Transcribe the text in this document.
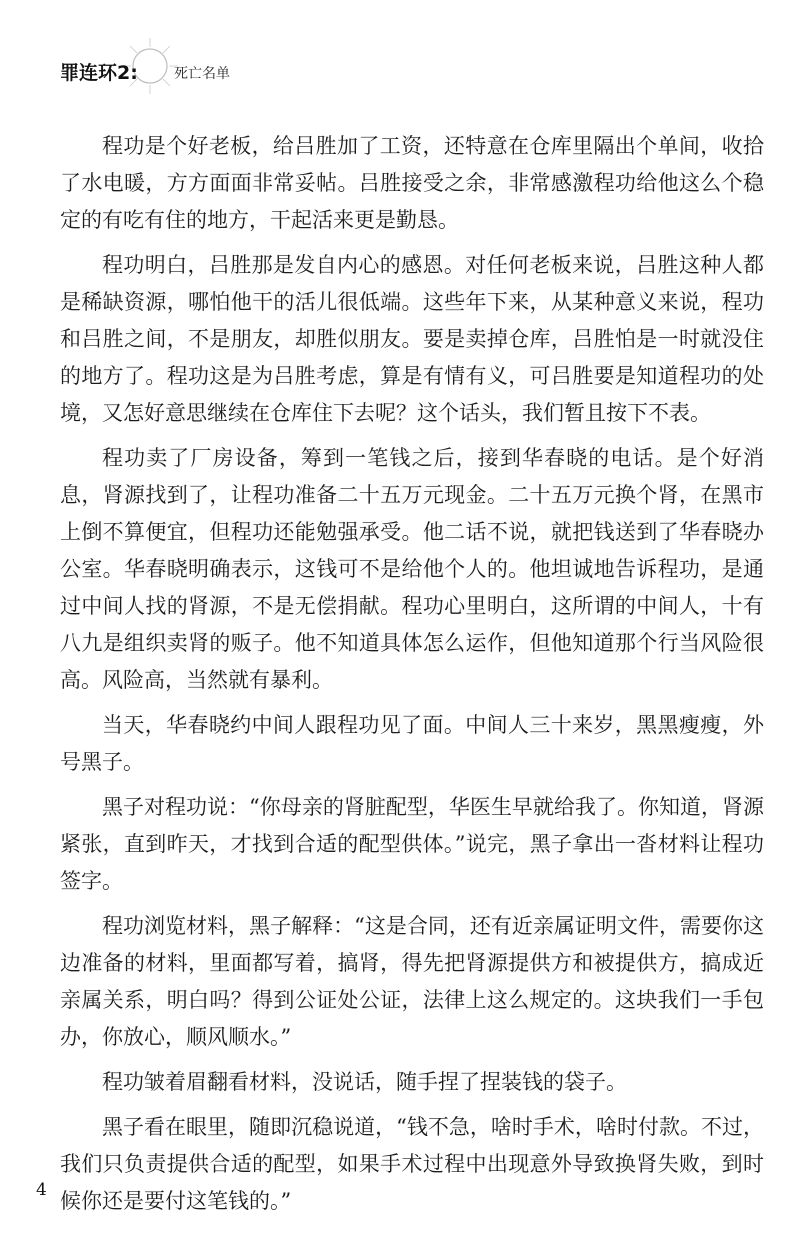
罪连环2:	死亡名单

程功是个好老板，给吕胜加了工资，还特意在仓库里隔出个单间，收拾了水电暖，方方面面非常妥帖。吕胜接受之余，非常感激程功给他这么个稳定的有吃有住的地方，干起活来更是勤恳。

程功明白，吕胜那是发自内心的感恩。对任何老板来说，吕胜这种人都是稀缺资源，哪怕他干的活儿很低端。这些年下来，从某种意义来说，程功和吕胜之间，不是朋友，却胜似朋友。要是卖掉仓库，吕胜怕是一时就没住的地方了。程功这是为吕胜考虑，算是有情有义，可吕胜要是知道程功的处境，又怎好意思继续在仓库住下去呢？这个话头，我们暂且按下不表。

程功卖了厂房设备，筹到一笔钱之后，接到华春晓的电话。是个好消息，肾源找到了，让程功准备二十五万元现金。二十五万元换个肾，在黑市上倒不算便宜，但程功还能勉强承受。他二话不说，就把钱送到了华春晓办公室。华春晓明确表示，这钱可不是给他个人的。他坦诚地告诉程功，是通过中间人找的肾源，不是无偿捐献。程功心里明白，这所谓的中间人，十有八九是组织卖肾的贩子。他不知道具体怎么运作，但他知道那个行当风险很高。风险高，当然就有暴利。

当天，华春晓约中间人跟程功见了面。中间人三十来岁，黑黑瘦瘦，外号黑子。

黑子对程功说：“你母亲的肾脏配型，华医生早就给我了。你知道，肾源紧张，直到昨天，才找到合适的配型供体。”说完，黑子拿出一沓材料让程功签字。

程功浏览材料，黑子解释：“这是合同，还有近亲属证明文件，需要你这边准备的材料，里面都写着，搞肾，得先把肾源提供方和被提供方，搞成近亲属关系，明白吗？得到公证处公证，法律上这么规定的。这块我们一手包办，你放心，顺风顺水。”

程功皱着眉翻看材料，没说话，随手捏了捏装钱的袋子。

黑子看在眼里，随即沉稳说道，“钱不急，啥时手术，啥时付款。不过，我们只负责提供合适的配型，如果手术过程中出现意外导致换肾失败，到时候你还是要付这笔钱的。”

4
